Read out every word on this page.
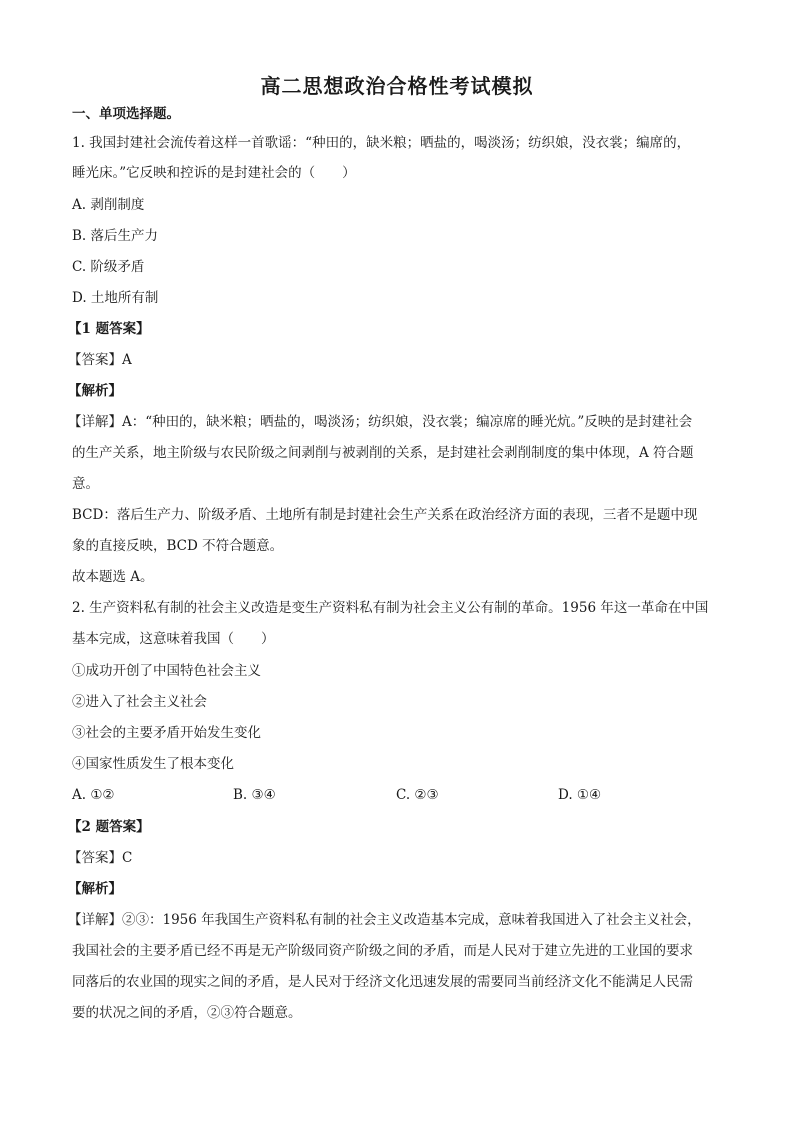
高二思想政治合格性考试模拟
一、单项选择题。
1. 我国封建社会流传着这样一首歌谣：“种田的，缺米粮；晒盐的，喝淡汤；纺织娘，没衣裳；编席的，
睡光床。”它反映和控诉的是封建社会的（　　）
A. 剥削制度
B. 落后生产力
C. 阶级矛盾
D. 土地所有制
【1 题答案】
【答案】A
【解析】
【详解】A：“种田的，缺米粮；晒盐的，喝淡汤；纺织娘，没衣裳；编凉席的睡光炕。”反映的是封建社会
的生产关系，地主阶级与农民阶级之间剥削与被剥削的关系，是封建社会剥削制度的集中体现，A 符合题
意。
BCD：落后生产力、阶级矛盾、土地所有制是封建社会生产关系在政治经济方面的表现，三者不是题中现
象的直接反映，BCD 不符合题意。
故本题选 A。
2. 生产资料私有制的社会主义改造是变生产资料私有制为社会主义公有制的革命。1956 年这一革命在中国
基本完成，这意味着我国（　　）
①成功开创了中国特色社会主义
②进入了社会主义社会
③社会的主要矛盾开始发生变化
④国家性质发生了根本变化
A. ①②	B. ③④	C. ②③	D. ①④
【2 题答案】
【答案】C
【解析】
【详解】②③：1956 年我国生产资料私有制的社会主义改造基本完成，意味着我国进入了社会主义社会，
我国社会的主要矛盾已经不再是无产阶级同资产阶级之间的矛盾，而是人民对于建立先进的工业国的要求
同落后的农业国的现实之间的矛盾，是人民对于经济文化迅速发展的需要同当前经济文化不能满足人民需
要的状况之间的矛盾，②③符合题意。
